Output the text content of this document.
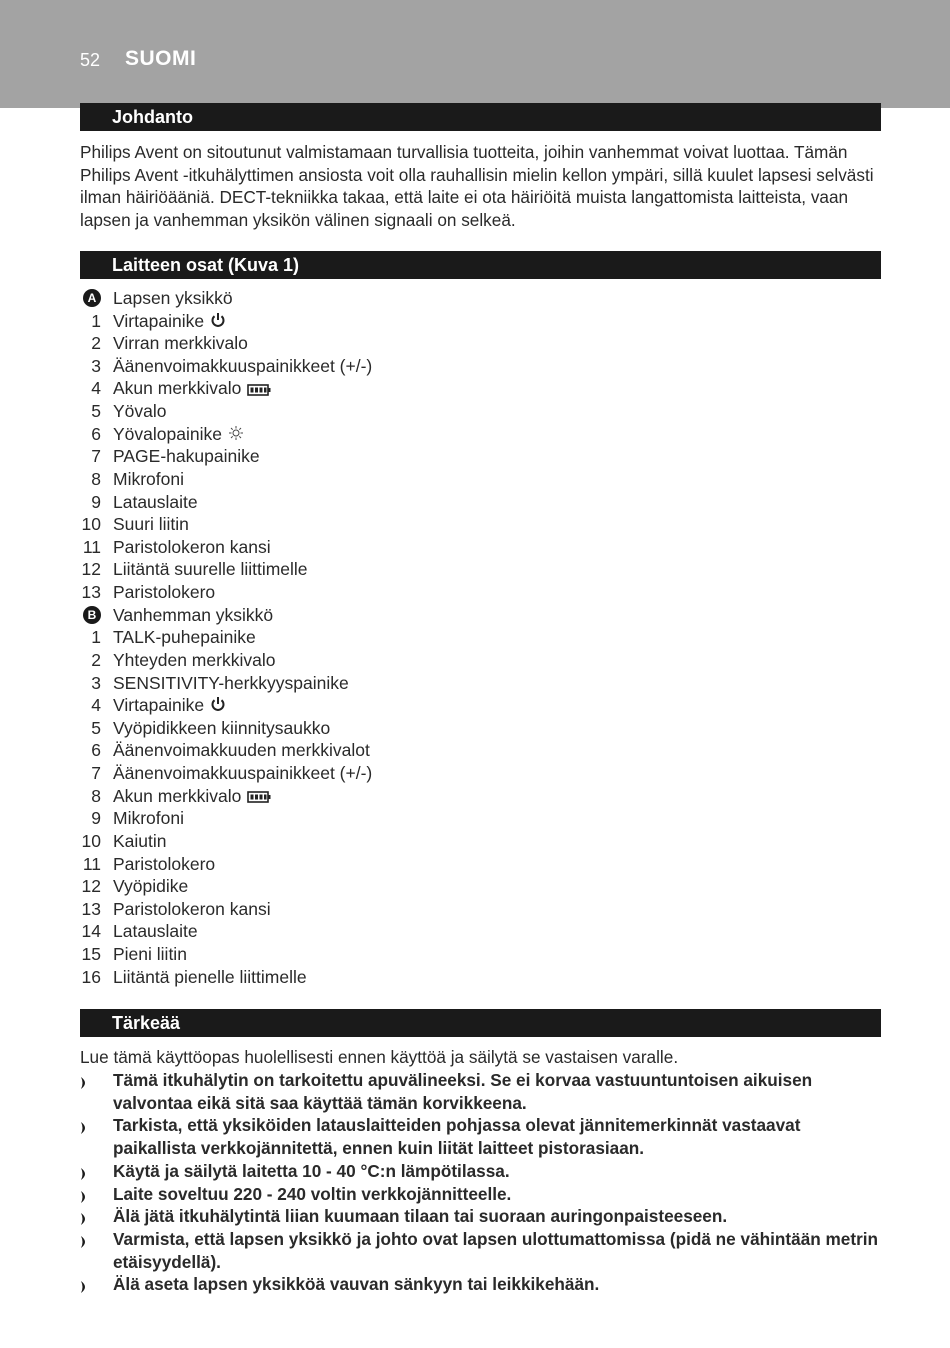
52 SUOMI
Johdanto

Philips Avent on sitoutunut valmistamaan turvallisia tuotteita, joihin vanhemmat voivat luottaa. Tämän Philips Avent -itkuhälyttimen ansiosta voit olla rauhallisin mielin kellon ympäri, sillä kuulet lapsesi selvästi ilman häiriöääniä. DECT-tekniikka takaa, että laite ei ota häiriöitä muista langattomista laitteista, vaan lapsen ja vanhemman yksikön välinen signaali on selkeä.

Laitteen osat (Kuva 1)
A Lapsen yksikkö
1 Virtapainike
2 Virran merkkivalo
3 Äänenvoimakkuuspainikkeet (+/-)
4 Akun merkkivalo
5 Yövalo
6 Yövalopainike
7 PAGE-hakupainike
8 Mikrofoni
9 Latauslaite
10 Suuri liitin
11 Paristolokeron kansi
12 Liitäntä suurelle liittimelle
13 Paristolokero
B Vanhemman yksikkö
1 TALK-puhepainike
2 Yhteyden merkkivalo
3 SENSITIVITY-herkkyyspainike
4 Virtapainike
5 Vyöpidikkeen kiinnitysaukko
6 Äänenvoimakkuuden merkkivalot
7 Äänenvoimakkuuspainikkeet (+/-)
8 Akun merkkivalo
9 Mikrofoni
10 Kaiutin
11 Paristolokero
12 Vyöpidike
13 Paristolokeron kansi
14 Latauslaite
15 Pieni liitin
16 Liitäntä pienelle liittimelle
Tärkeää

Lue tämä käyttöopas huolellisesti ennen käyttöä ja säilytä se vastaisen varalle.

Tämä itkuhälytin on tarkoitettu apuvälineeksi. Se ei korvaa vastuuntuntoisen aikuisen valvontaa eikä sitä saa käyttää tämän korvikkeena.
Tarkista, että yksiköiden latauslaitteiden pohjassa olevat jännitemerkinnät vastaavat paikallista verkkojännitettä, ennen kuin liität laitteet pistorasiaan.
Käytä ja säilytä laitetta 10 - 40 °C:n lämpötilassa.
Laite soveltuu 220 - 240 voltin verkkojännitteelle.
Älä jätä itkuhälytintä liian kuumaan tilaan tai suoraan auringonpaisteeseen.
Varmista, että lapsen yksikkö ja johto ovat lapsen ulottumattomissa (pidä ne vähintään metrin etäisyydellä).
Älä aseta lapsen yksikköä vauvan sänkyyn tai leikkikehään.
